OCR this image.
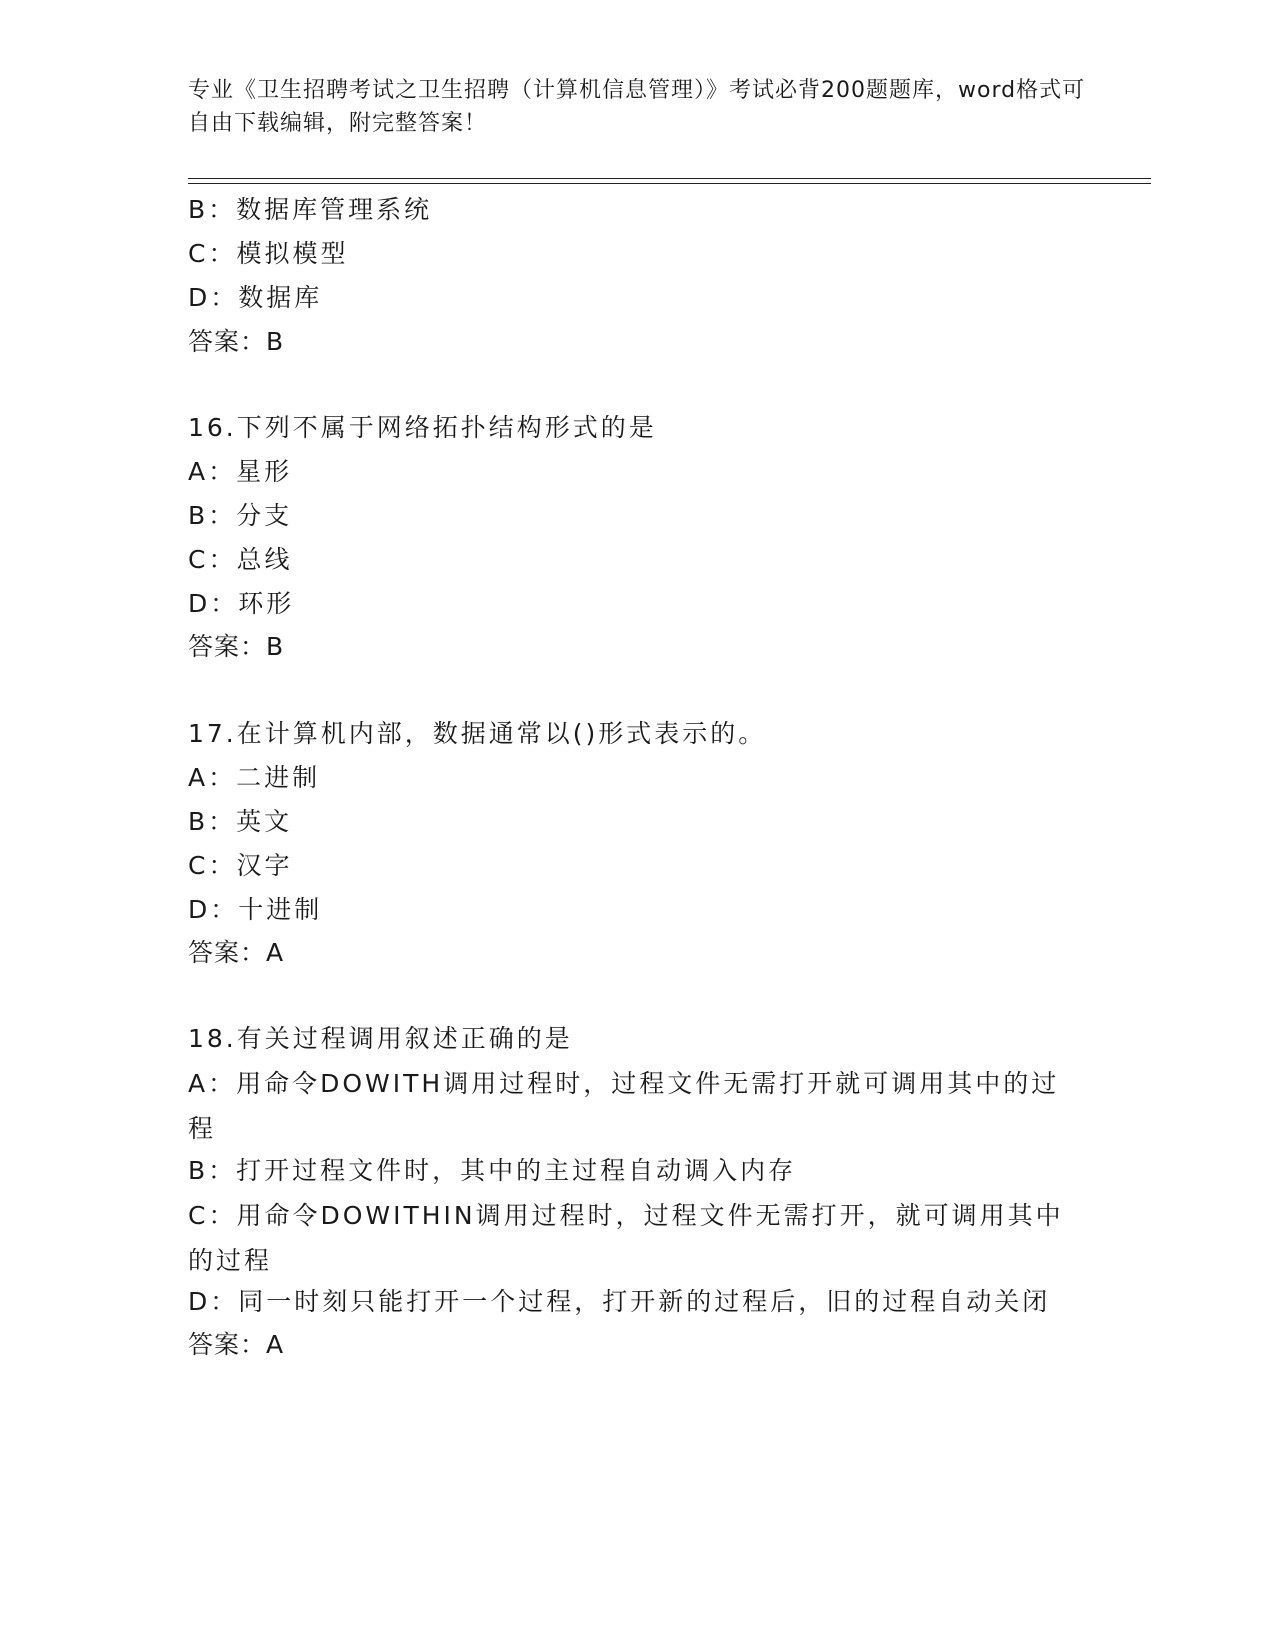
专业《卫生招聘考试之卫生招聘（计算机信息管理）》考试必背200题题库，word格式可自由下载编辑，附完整答案！
B：数据库管理系统
C：模拟模型
D：数据库
答案：B
16.下列不属于网络拓扑结构形式的是
A：星形
B：分支
C：总线
D：环形
答案：B
17.在计算机内部，数据通常以()形式表示的。
A：二进制
B：英文
C：汉字
D：十进制
答案：A
18.有关过程调用叙述正确的是
A：用命令DOWITH调用过程时，过程文件无需打开就可调用其中的过程
B：打开过程文件时，其中的主过程自动调入内存
C：用命令DOWITHIN调用过程时，过程文件无需打开，就可调用其中的过程
D：同一时刻只能打开一个过程，打开新的过程后，旧的过程自动关闭
答案：A
